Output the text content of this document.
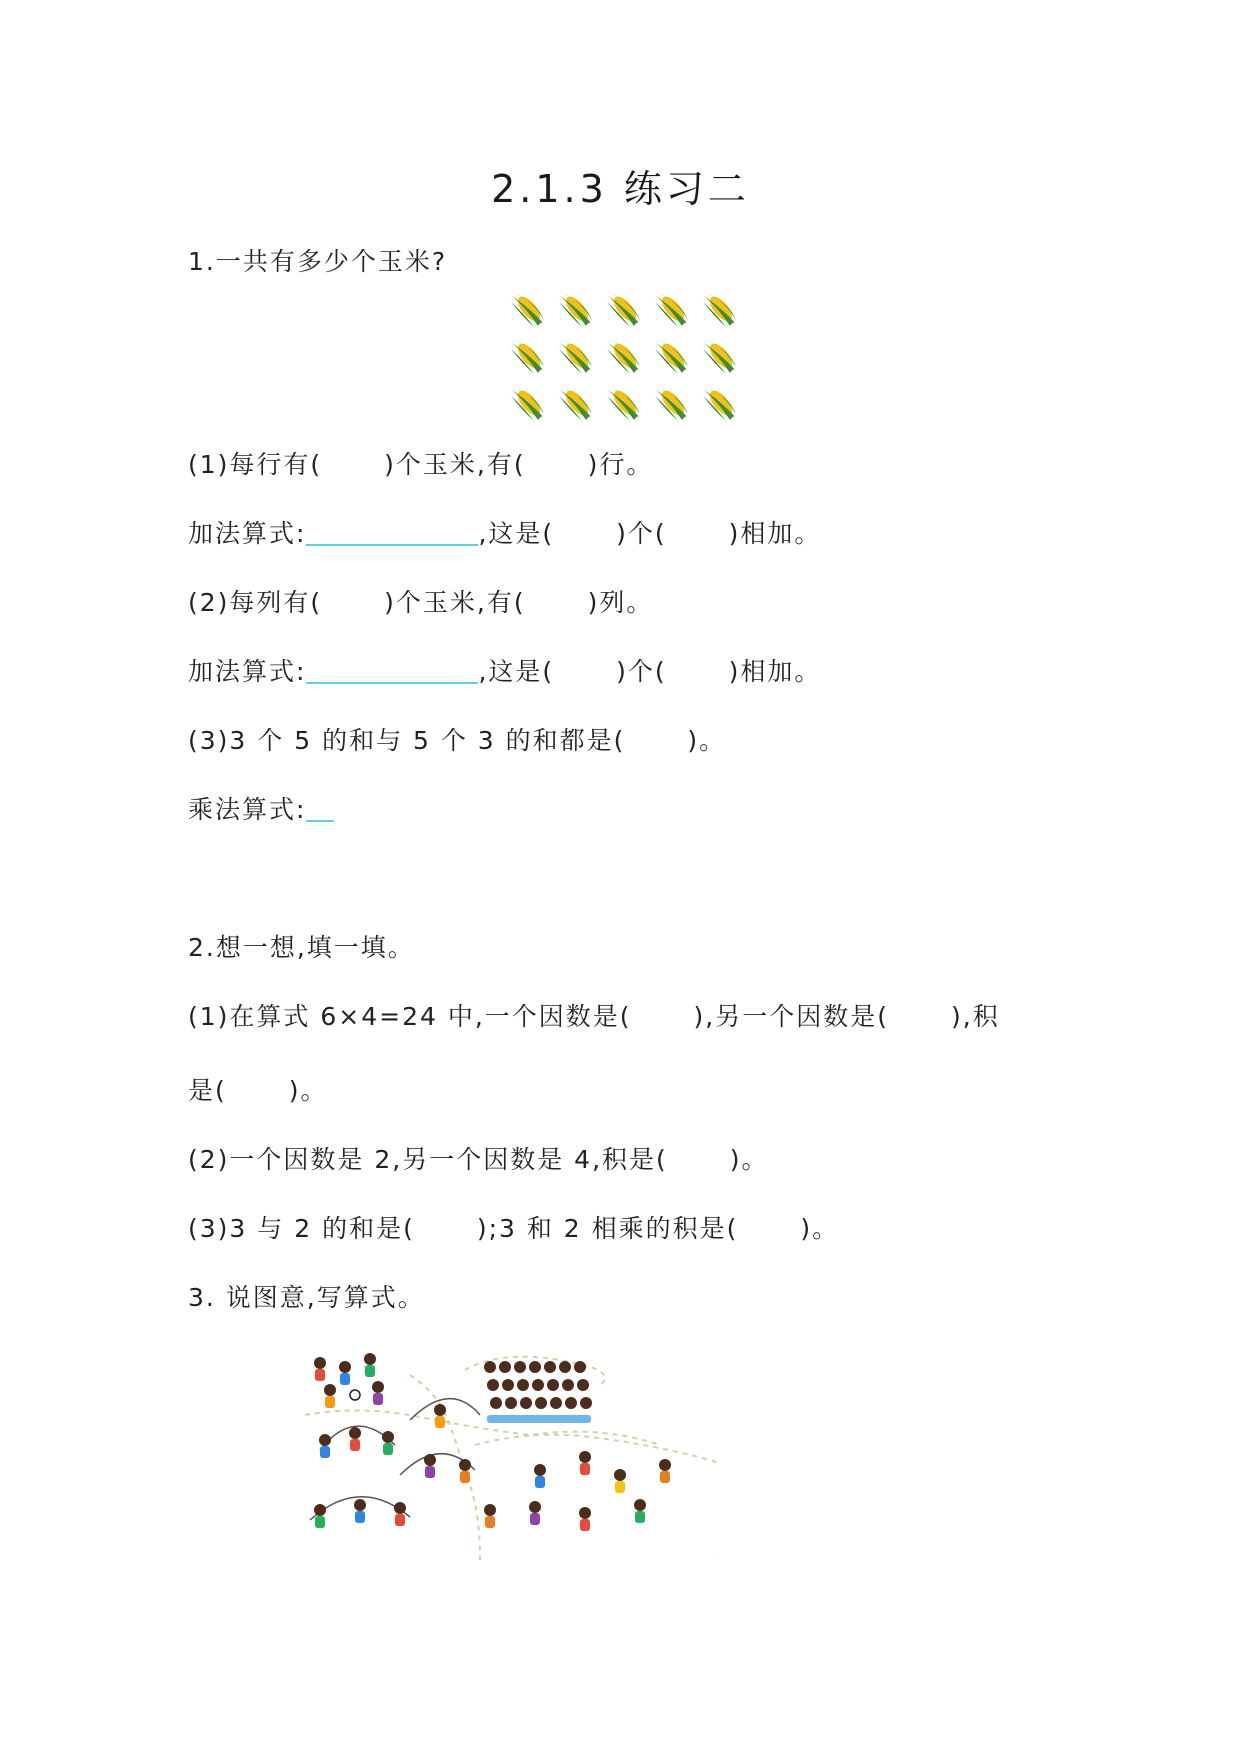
2.1.3 练习二
1.一共有多少个玉米?
(1)每行有( )个玉米,有( )行。
加法算式:	,这是( )个( )相加。
(2)每列有( )个玉米,有( )列。
加法算式:	,这是( )个( )相加。
(3)3 个 5 的和与 5 个 3 的和都是( )。
乘法算式:
2.想一想,填一填。
(1)在算式 6×4=24 中,一个因数是( ),另一个因数是( ),积
是( )。
(2)一个因数是 2,另一个因数是 4,积是( )。
(3)3 与 2 的和是( );3 和 2 相乘的积是( )。
3. 说图意,写算式。
